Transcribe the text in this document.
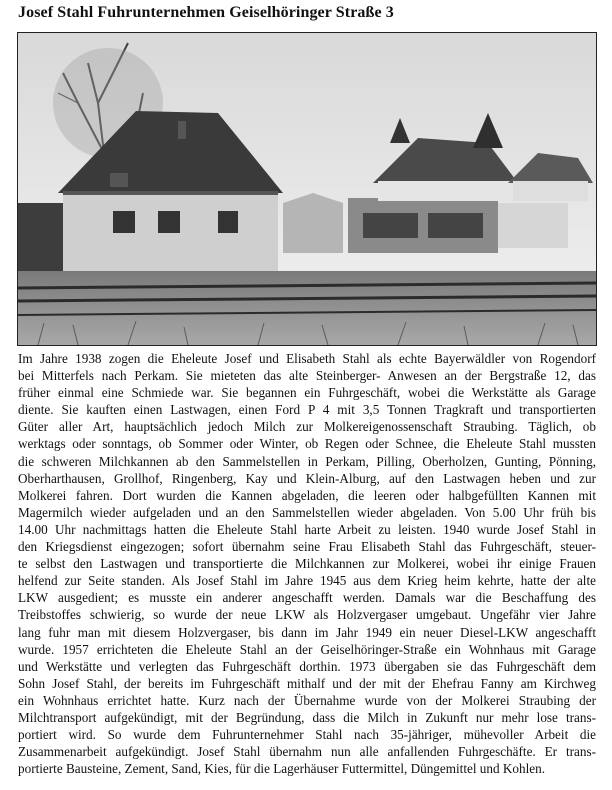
Josef Stahl Fuhrunternehmen Geiselhöringer Straße 3
Im Jahre 1938 zogen die Eheleute Josef und Elisabeth Stahl als echte Bayerwäldler von Rogendorf
bei Mitterfels nach Perkam. Sie mieteten das alte Steinberger- Anwesen an der Bergstraße 12, das
früher einmal eine Schmiede war. Sie begannen ein Fuhrgeschäft, wobei die Werkstätte als Garage
diente. Sie kauften einen Lastwagen, einen Ford P 4 mit 3,5 Tonnen Tragkraft und transportierten
Güter aller Art, hauptsächlich jedoch Milch zur Molkereigenossenschaft Straubing. Täglich, ob
werktags oder sonntags, ob Sommer oder Winter, ob Regen oder Schnee, die Eheleute Stahl mussten
die schweren Milchkannen ab den Sammelstellen in Perkam, Pilling, Oberholzen, Gunting, Pönning,
Oberharthausen, Grollhof, Ringenberg, Kay und Klein-Alburg, auf den Lastwagen heben und zur
Molkerei fahren. Dort wurden die Kannen abgeladen, die leeren oder halbgefüllten Kannen mit
Magermilch wieder aufgeladen und an den Sammelstellen wieder abgeladen. Von 5.00 Uhr früh bis
14.00 Uhr nachmittags hatten die Eheleute Stahl harte Arbeit zu leisten. 1940 wurde Josef Stahl in
den Kriegsdienst eingezogen; sofort übernahm seine Frau Elisabeth Stahl das Fuhrgeschäft, steuer-
te selbst den Lastwagen und transportierte die Milchkannen zur Molkerei, wobei ihr einige Frauen
helfend zur Seite standen. Als Josef Stahl im Jahre 1945 aus dem Krieg heim kehrte, hatte der alte
LKW ausgedient; es musste ein anderer angeschafft werden. Damals war die Beschaffung des
Treibstoffes schwierig, so wurde der neue LKW als Holzvergaser umgebaut. Ungefähr vier Jahre
lang fuhr man mit diesem Holzvergaser, bis dann im Jahr 1949 ein neuer Diesel-LKW angeschafft
wurde. 1957 errichteten die Eheleute Stahl an der Geiselhöringer-Straße ein Wohnhaus mit Garage
und Werkstätte und verlegten das Fuhrgeschäft dorthin. 1973 übergaben sie das Fuhrgeschäft dem
Sohn Josef Stahl, der bereits im Fuhrgeschäft mithalf und der mit der Ehefrau Fanny am Kirchweg
ein Wohnhaus errichtet hatte. Kurz nach der Übernahme wurde von der Molkerei Straubing der
Milchtransport aufgekündigt, mit der Begründung, dass die Milch in Zukunft nur mehr lose trans-
portiert wird. So wurde dem Fuhrunternehmer Stahl nach 35-jähriger, mühevoller Arbeit die
Zusammenarbeit aufgekündigt. Josef Stahl übernahm nun alle anfallenden Fuhrgeschäfte. Er trans-
portierte Bausteine, Zement, Sand, Kies, für die Lagerhäuser Futtermittel, Düngemittel und Kohlen.
